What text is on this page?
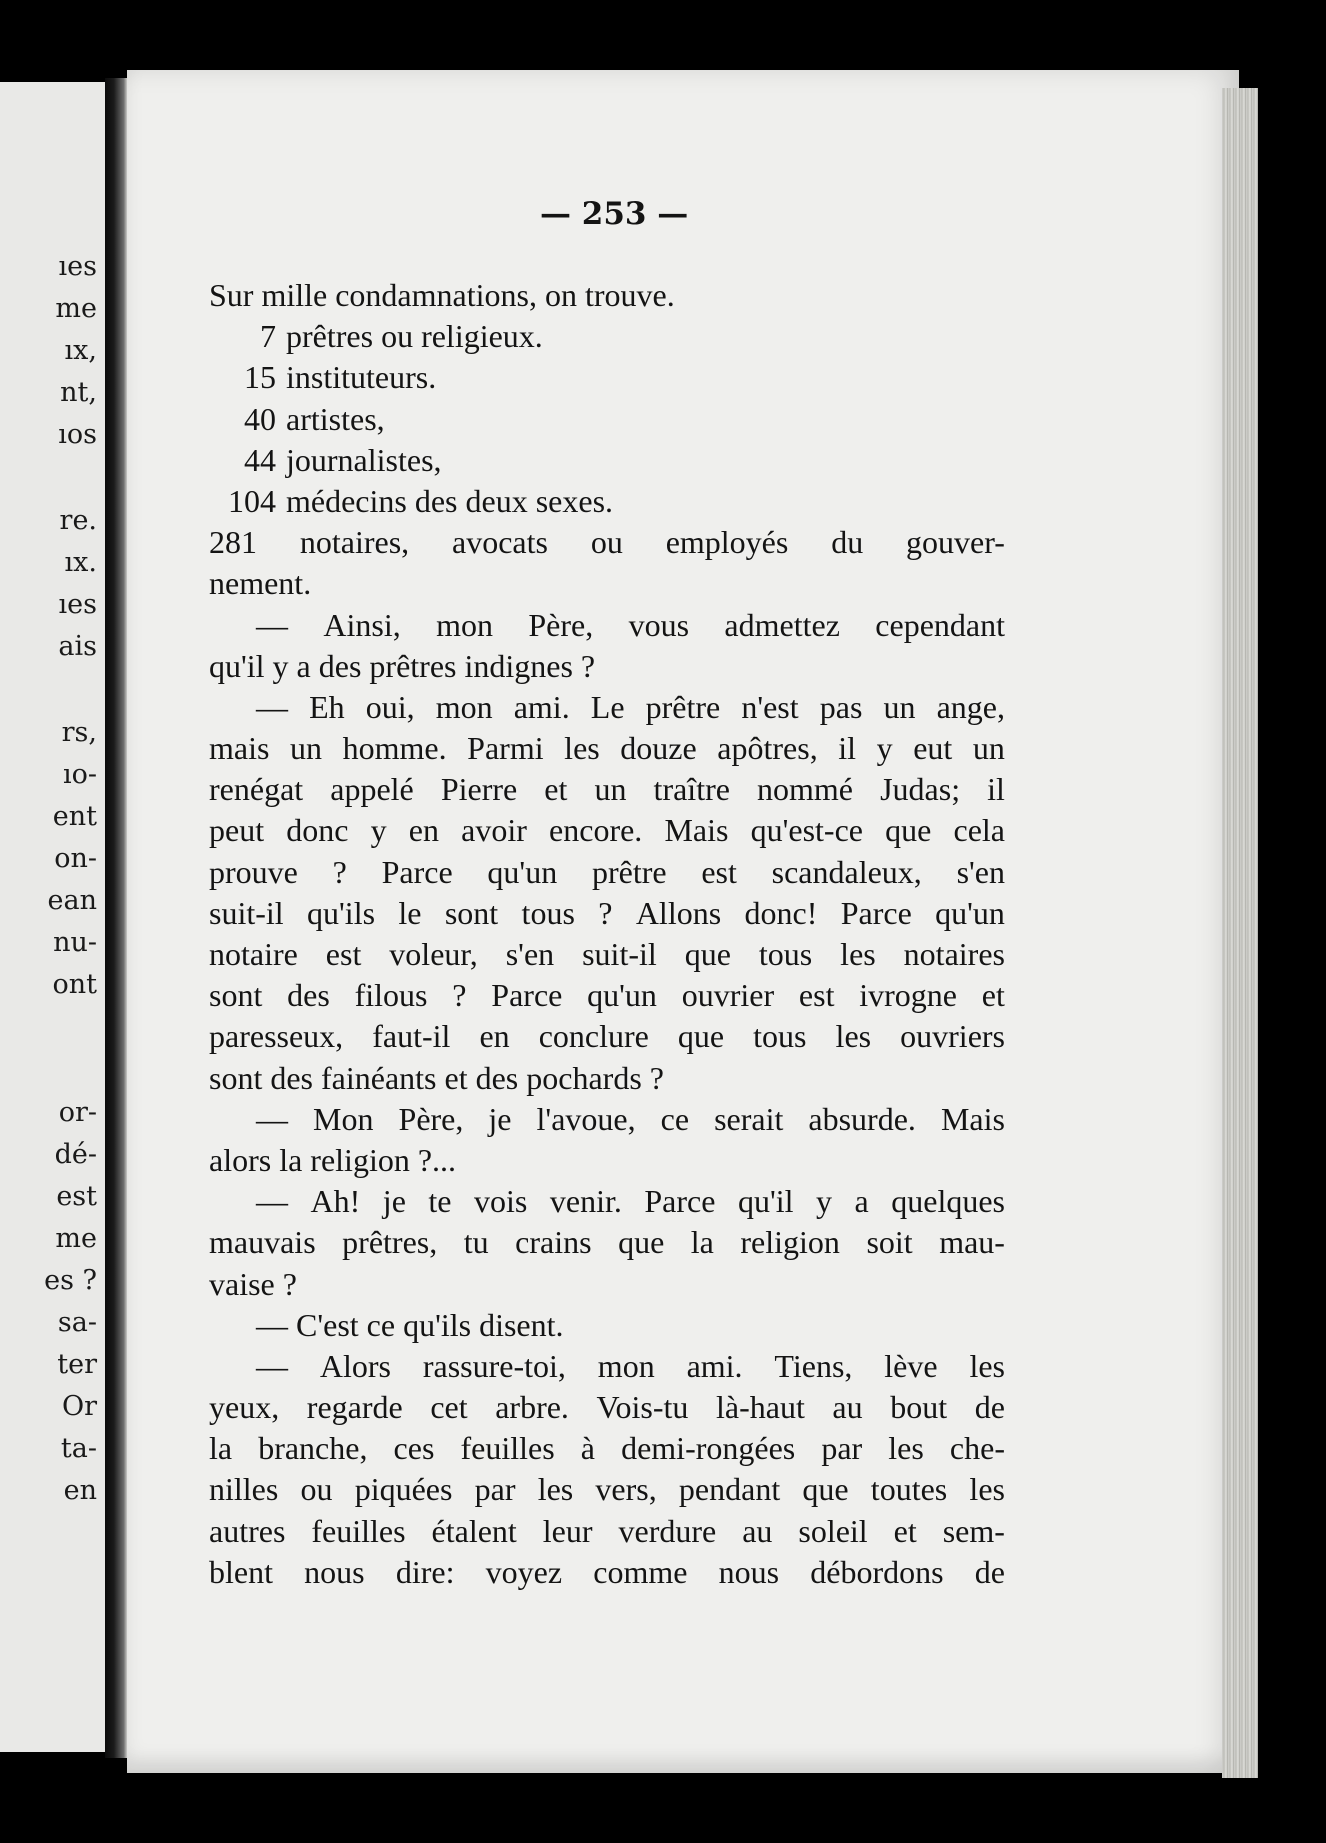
ıes
me
ıx,
nt,
ıos
re.
ıx.
ıes
ais
rs,
ıo-
ent
on-
ean
nu-
ont
or-
dé-
est
me
es ?
sa-
ter
Or
ta-
en
— 253 —
Sur mille condamnations, on trouve.
7 prêtres ou religieux.
15 instituteurs.
40 artistes,
44 journalistes,
104 médecins des deux sexes.
281 notaires, avocats ou employés du gouver-
nement.
— Ainsi, mon Père, vous admettez cependant
qu'il y a des prêtres indignes ?
— Eh oui, mon ami. Le prêtre n'est pas un ange,
mais un homme. Parmi les douze apôtres, il y eut un
renégat appelé Pierre et un traître nommé Judas; il
peut donc y en avoir encore. Mais qu'est-ce que cela
prouve ? Parce qu'un prêtre est scandaleux, s'en
suit-il qu'ils le sont tous ? Allons donc! Parce qu'un
notaire est voleur, s'en suit-il que tous les notaires
sont des filous ? Parce qu'un ouvrier est ivrogne et
paresseux, faut-il en conclure que tous les ouvriers
sont des fainéants et des pochards ?
— Mon Père, je l'avoue, ce serait absurde. Mais
alors la religion ?...
— Ah! je te vois venir. Parce qu'il y a quelques
mauvais prêtres, tu crains que la religion soit mau-
vaise ?
— C'est ce qu'ils disent.
— Alors rassure-toi, mon ami. Tiens, lève les
yeux, regarde cet arbre. Vois-tu là-haut au bout de
la branche, ces feuilles à demi-rongées par les che-
nilles ou piquées par les vers, pendant que toutes les
autres feuilles étalent leur verdure au soleil et sem-
blent nous dire: voyez comme nous débordons de
